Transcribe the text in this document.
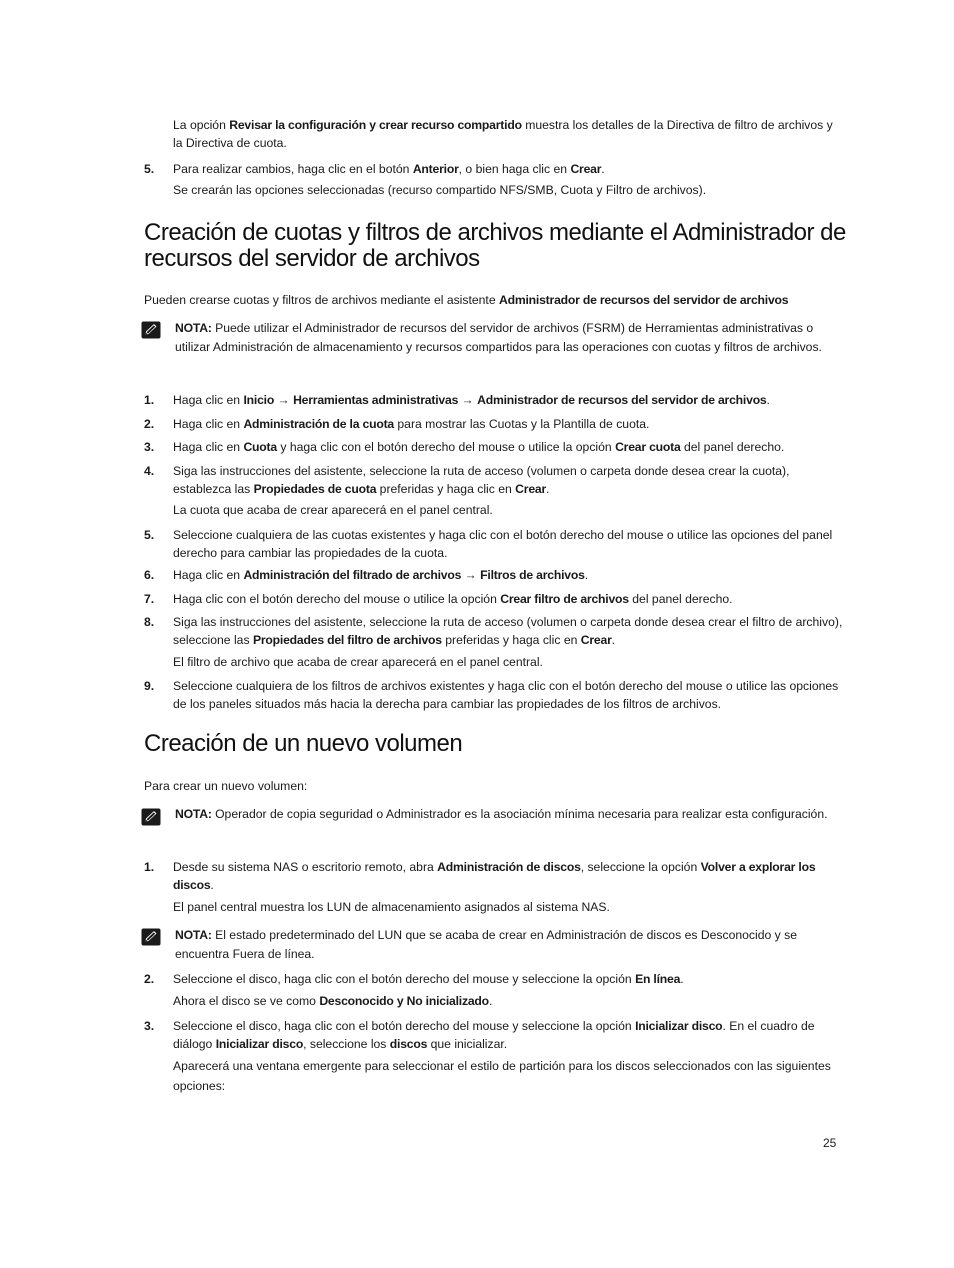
La opción Revisar la configuración y crear recurso compartido muestra los detalles de la Directiva de filtro de archivos y la Directiva de cuota.

5. Para realizar cambios, haga clic en el botón Anterior, o bien haga clic en Crear.

Se crearán las opciones seleccionadas (recurso compartido NFS/SMB, Cuota y Filtro de archivos).

Creación de cuotas y filtros de archivos mediante el Administrador de recursos del servidor de archivos

Pueden crearse cuotas y filtros de archivos mediante el asistente Administrador de recursos del servidor de archivos

NOTA: Puede utilizar el Administrador de recursos del servidor de archivos (FSRM) de Herramientas administrativas o utilizar Administración de almacenamiento y recursos compartidos para las operaciones con cuotas y filtros de archivos.

1. Haga clic en Inicio → Herramientas administrativas → Administrador de recursos del servidor de archivos.

2. Haga clic en Administración de la cuota para mostrar las Cuotas y la Plantilla de cuota.

3. Haga clic en Cuota y haga clic con el botón derecho del mouse o utilice la opción Crear cuota del panel derecho.

4. Siga las instrucciones del asistente, seleccione la ruta de acceso (volumen o carpeta donde desea crear la cuota), establezca las Propiedades de cuota preferidas y haga clic en Crear.

La cuota que acaba de crear aparecerá en el panel central.

5. Seleccione cualquiera de las cuotas existentes y haga clic con el botón derecho del mouse o utilice las opciones del panel derecho para cambiar las propiedades de la cuota.

6. Haga clic en Administración del filtrado de archivos → Filtros de archivos.

7. Haga clic con el botón derecho del mouse o utilice la opción Crear filtro de archivos del panel derecho.

8. Siga las instrucciones del asistente, seleccione la ruta de acceso (volumen o carpeta donde desea crear el filtro de archivo), seleccione las Propiedades del filtro de archivos preferidas y haga clic en Crear.

El filtro de archivo que acaba de crear aparecerá en el panel central.

9. Seleccione cualquiera de los filtros de archivos existentes y haga clic con el botón derecho del mouse o utilice las opciones de los paneles situados más hacia la derecha para cambiar las propiedades de los filtros de archivos.

Creación de un nuevo volumen

Para crear un nuevo volumen:

NOTA: Operador de copia seguridad o Administrador es la asociación mínima necesaria para realizar esta configuración.

1. Desde su sistema NAS o escritorio remoto, abra Administración de discos, seleccione la opción Volver a explorar los discos.

El panel central muestra los LUN de almacenamiento asignados al sistema NAS.

NOTA: El estado predeterminado del LUN que se acaba de crear en Administración de discos es Desconocido y se encuentra Fuera de línea.

2. Seleccione el disco, haga clic con el botón derecho del mouse y seleccione la opción En línea.

Ahora el disco se ve como Desconocido y No inicializado.

3. Seleccione el disco, haga clic con el botón derecho del mouse y seleccione la opción Inicializar disco. En el cuadro de diálogo Inicializar disco, seleccione los discos que inicializar.

Aparecerá una ventana emergente para seleccionar el estilo de partición para los discos seleccionados con las siguientes opciones:

25
